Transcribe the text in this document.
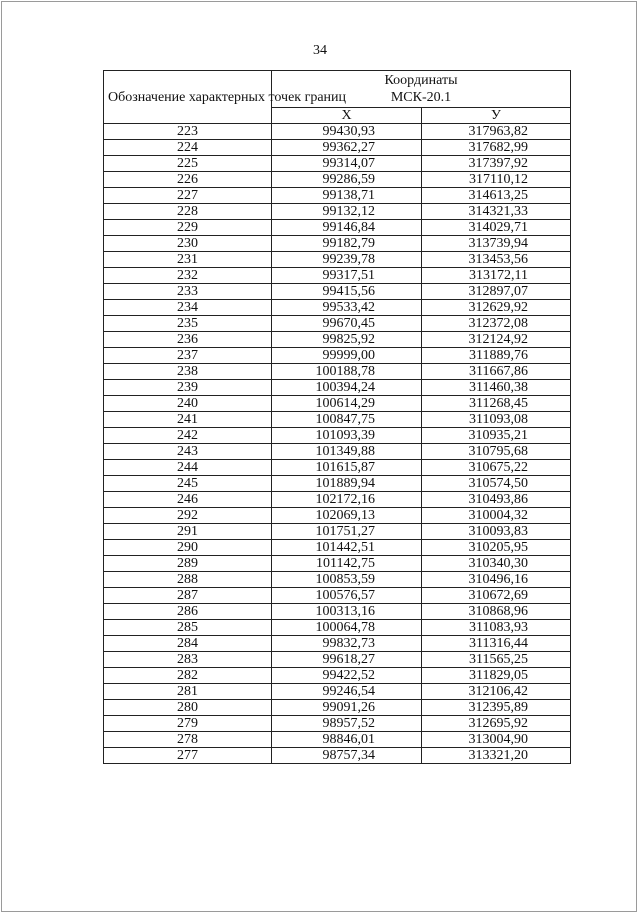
34
Обозначение характерных точек границ	Координаты
МСК-20.1	

	Х	У
223	99430,93	317963,82
224	99362,27	317682,99
225	99314,07	317397,92
226	99286,59	317110,12
227	99138,71	314613,25
228	99132,12	314321,33
229	99146,84	314029,71
230	99182,79	313739,94
231	99239,78	313453,56
232	99317,51	313172,11
233	99415,56	312897,07
234	99533,42	312629,92
235	99670,45	312372,08
236	99825,92	312124,92
237	99999,00	311889,76
238	100188,78	311667,86
239	100394,24	311460,38
240	100614,29	311268,45
241	100847,75	311093,08
242	101093,39	310935,21
243	101349,88	310795,68
244	101615,87	310675,22
245	101889,94	310574,50
246	102172,16	310493,86
292	102069,13	310004,32
291	101751,27	310093,83
290	101442,51	310205,95
289	101142,75	310340,30
288	100853,59	310496,16
287	100576,57	310672,69
286	100313,16	310868,96
285	100064,78	311083,93
284	99832,73	311316,44
283	99618,27	311565,25
282	99422,52	311829,05
281	99246,54	312106,42
280	99091,26	312395,89
279	98957,52	312695,92
278	98846,01	313004,90
277	98757,34	313321,20
